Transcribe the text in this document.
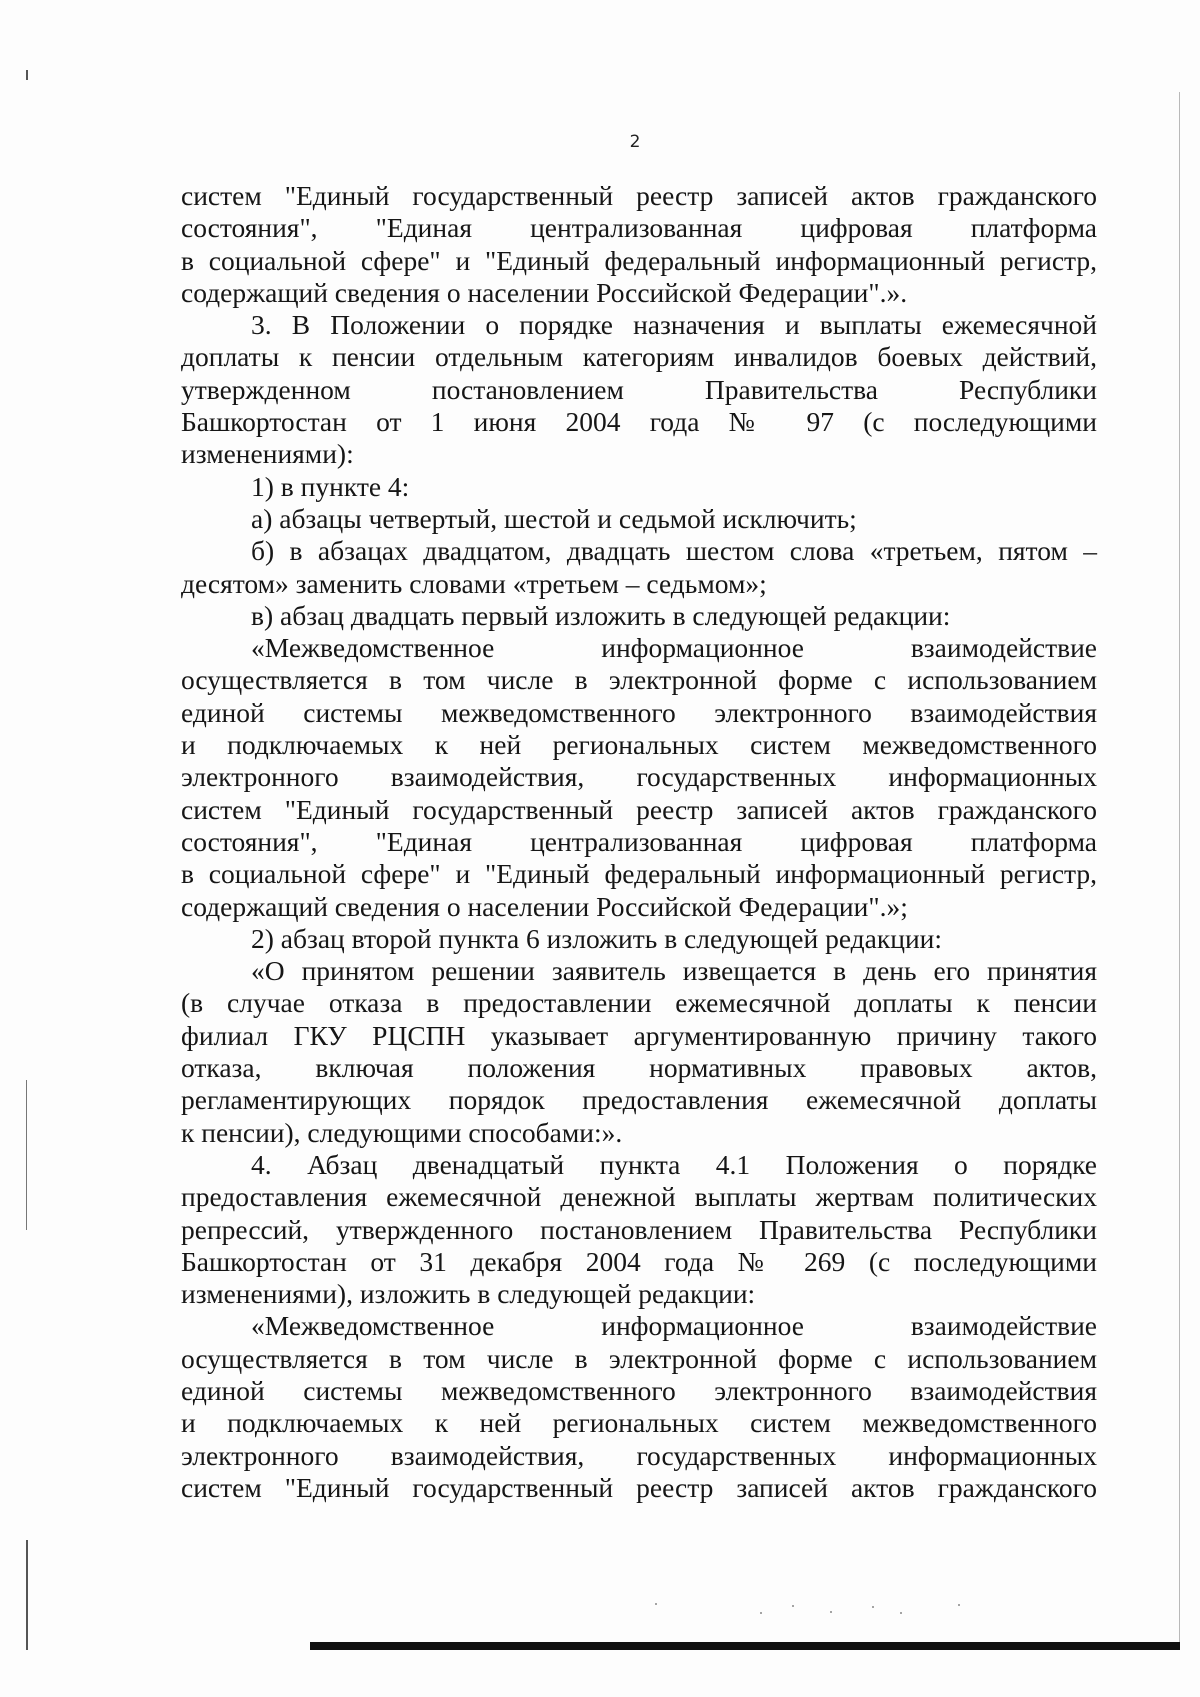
2
систем "Единый государственный реестр записей актов гражданского
состояния", "Единая централизованная цифровая платформа
в социальной сфере" и "Единый федеральный информационный регистр,
содержащий сведения о населении Российской Федерации".».
3. В Положении о порядке назначения и выплаты ежемесячной
доплаты к пенсии отдельным категориям инвалидов боевых действий,
утвержденном постановлением Правительства Республики
Башкортостан от 1 июня 2004 года № 97 (с последующими
изменениями):
1) в пункте 4:
а) абзацы четвертый, шестой и седьмой исключить;
б) в абзацах двадцатом, двадцать шестом слова «третьем, пятом –
десятом» заменить словами «третьем – седьмом»;
в) абзац двадцать первый изложить в следующей редакции:
«Межведомственное информационное взаимодействие
осуществляется в том числе в электронной форме с использованием
единой системы межведомственного электронного взаимодействия
и подключаемых к ней региональных систем межведомственного
электронного взаимодействия, государственных информационных
систем "Единый государственный реестр записей актов гражданского
состояния", "Единая централизованная цифровая платформа
в социальной сфере" и "Единый федеральный информационный регистр,
содержащий сведения о населении Российской Федерации".»;
2) абзац второй пункта 6 изложить в следующей редакции:
«О принятом решении заявитель извещается в день его принятия
(в случае отказа в предоставлении ежемесячной доплаты к пенсии
филиал ГКУ РЦСПН указывает аргументированную причину такого
отказа, включая положения нормативных правовых актов,
регламентирующих порядок предоставления ежемесячной доплаты
к пенсии), следующими способами:».
4. Абзац двенадцатый пункта 4.1 Положения о порядке
предоставления ежемесячной денежной выплаты жертвам политических
репрессий, утвержденного постановлением Правительства Республики
Башкортостан от 31 декабря 2004 года № 269 (с последующими
изменениями), изложить в следующей редакции:
«Межведомственное информационное взаимодействие
осуществляется в том числе в электронной форме с использованием
единой системы межведомственного электронного взаимодействия
и подключаемых к ней региональных систем межведомственного
электронного взаимодействия, государственных информационных
систем "Единый государственный реестр записей актов гражданского
